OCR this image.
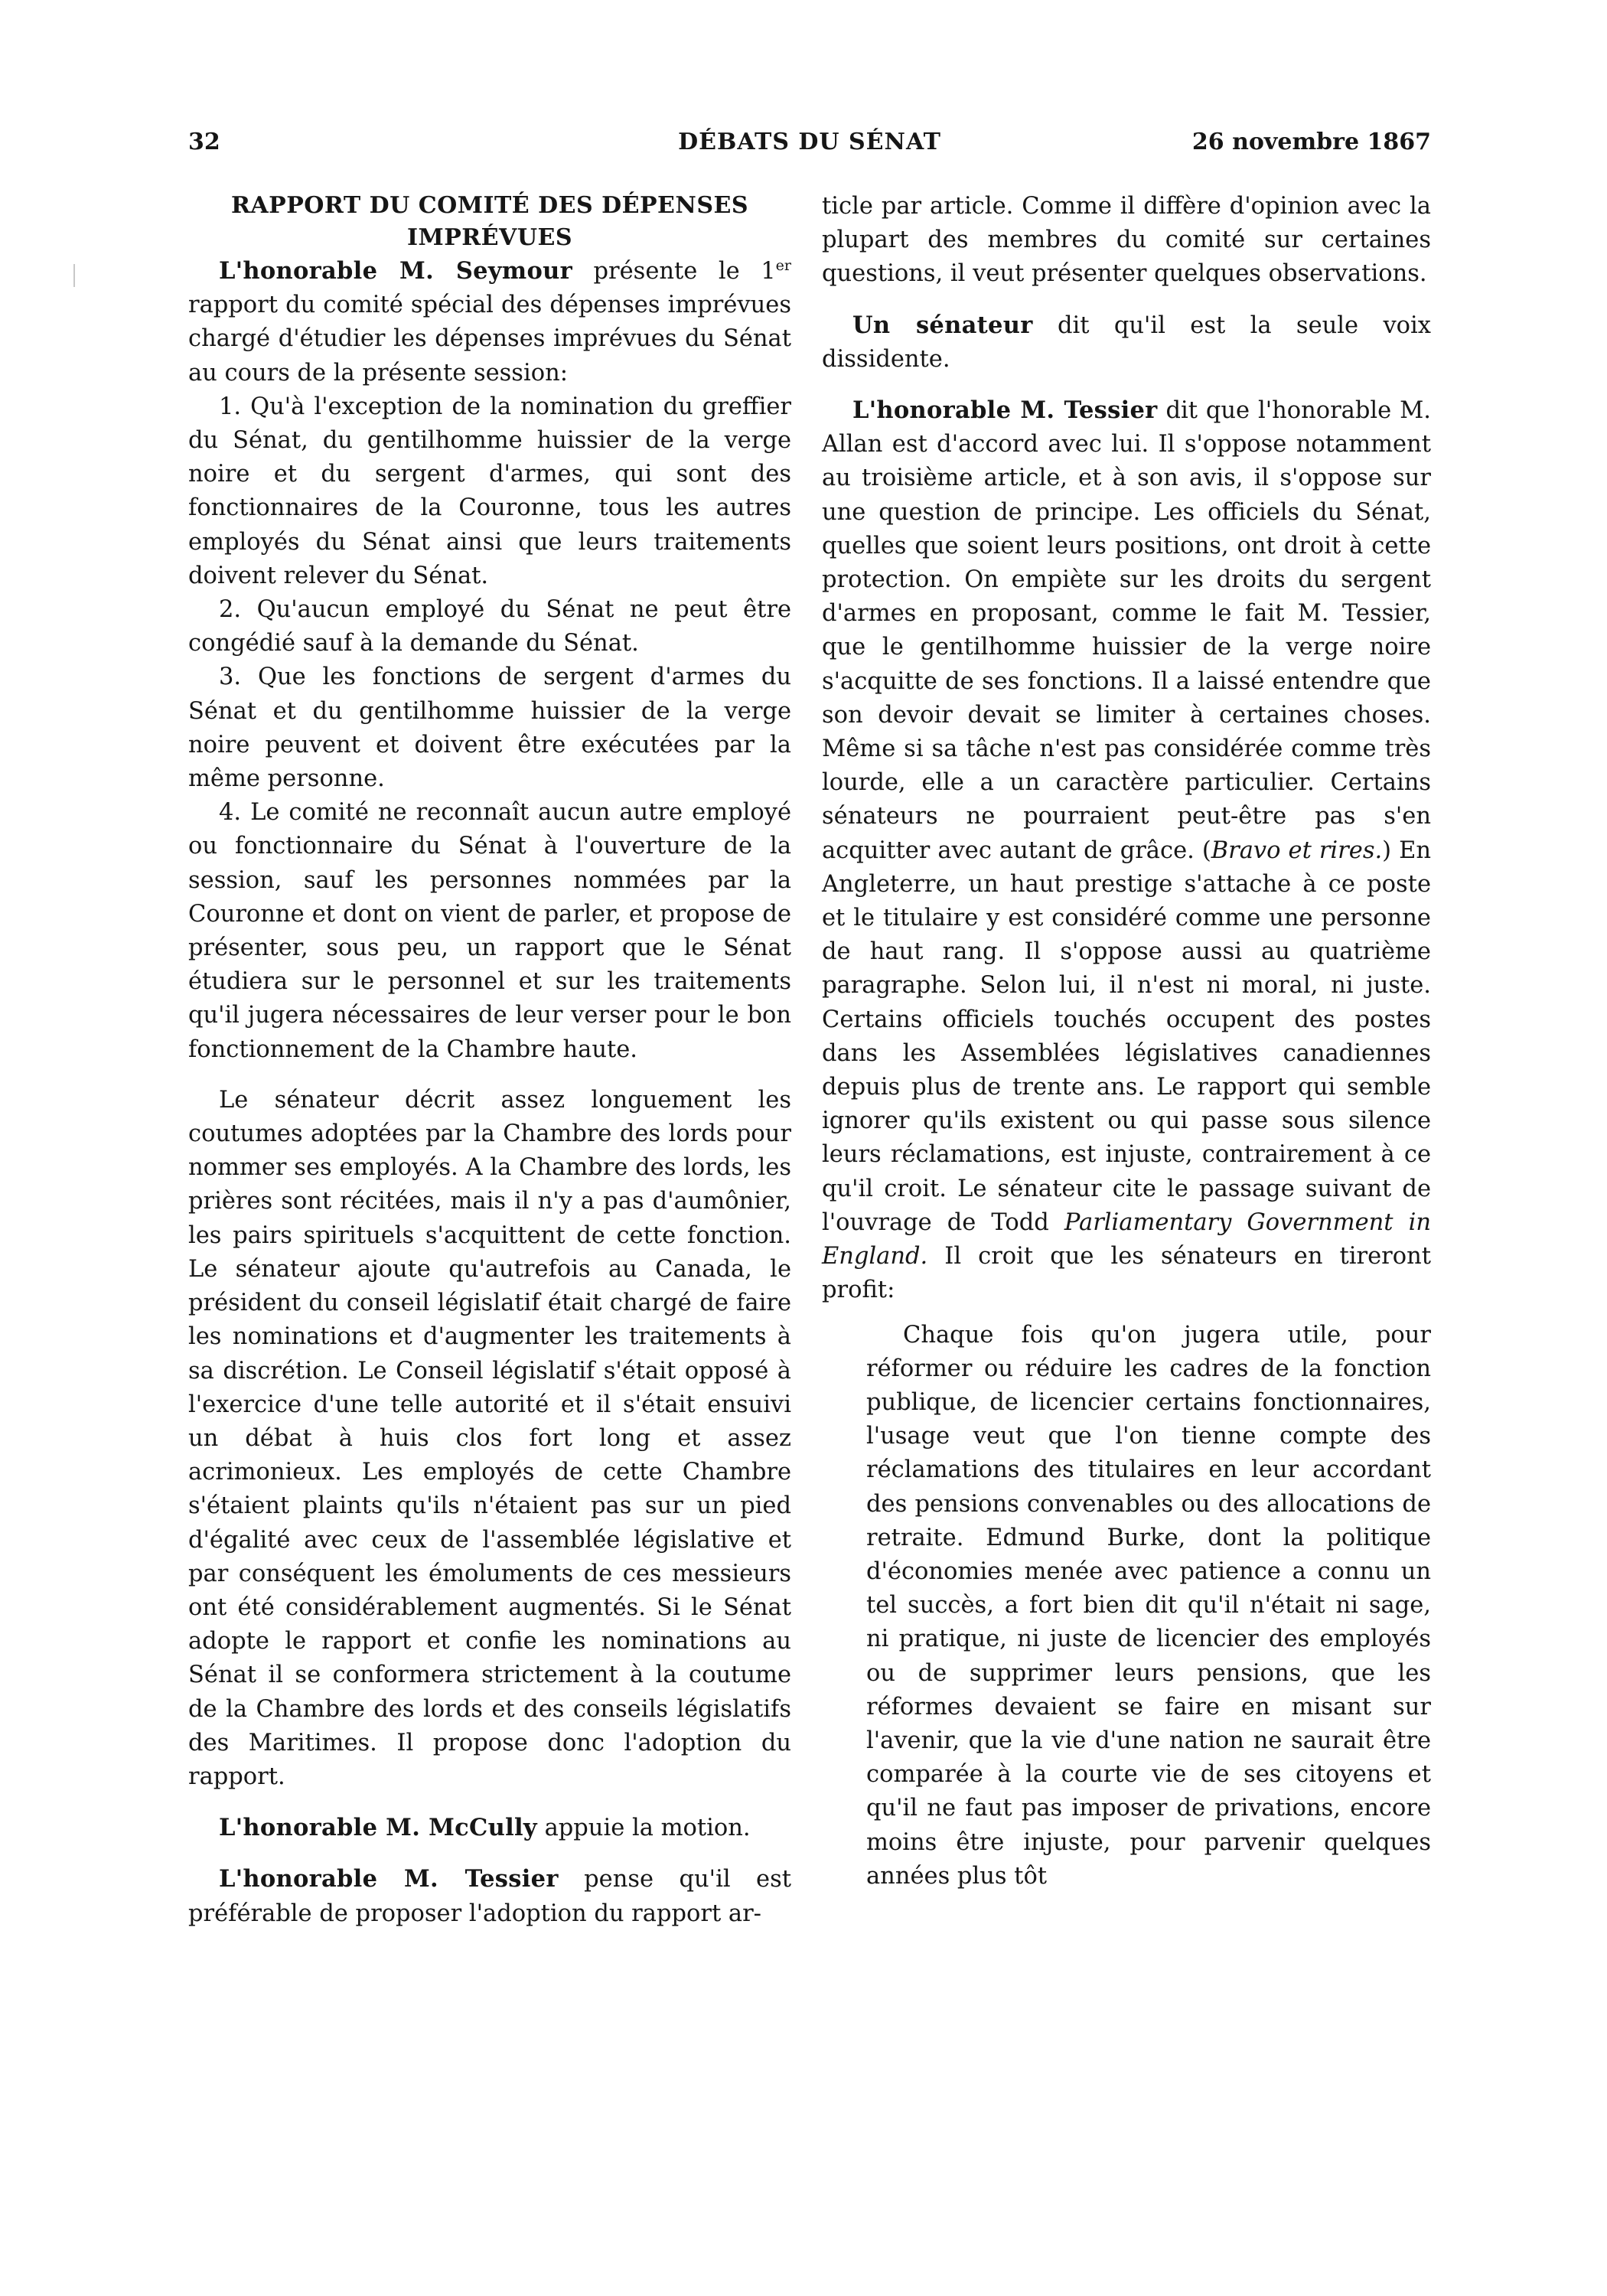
32	DÉBATS DU SÉNAT	26 novembre 1867

RAPPORT DU COMITÉ DES DÉPENSES IMPRÉVUES

L'honorable M. Seymour présente le 1er rapport du comité spécial des dépenses imprévues chargé d'étudier les dépenses imprévues du Sénat au cours de la présente session:

1. Qu'à l'exception de la nomination du greffier du Sénat, du gentilhomme huissier de la verge noire et du sergent d'armes, qui sont des fonctionnaires de la Couronne, tous les autres employés du Sénat ainsi que leurs traitements doivent relever du Sénat.

2. Qu'aucun employé du Sénat ne peut être congédié sauf à la demande du Sénat.

3. Que les fonctions de sergent d'armes du Sénat et du gentilhomme huissier de la verge noire peuvent et doivent être exécutées par la même personne.

4. Le comité ne reconnaît aucun autre employé ou fonctionnaire du Sénat à l'ouverture de la session, sauf les personnes nommées par la Couronne et dont on vient de parler, et propose de présenter, sous peu, un rapport que le Sénat étudiera sur le personnel et sur les traitements qu'il jugera nécessaires de leur verser pour le bon fonctionnement de la Chambre haute.

Le sénateur décrit assez longuement les coutumes adoptées par la Chambre des lords pour nommer ses employés. A la Chambre des lords, les prières sont récitées, mais il n'y a pas d'aumônier, les pairs spirituels s'acquittent de cette fonction. Le sénateur ajoute qu'autrefois au Canada, le président du conseil législatif était chargé de faire les nominations et d'augmenter les traitements à sa discrétion. Le Conseil législatif s'était opposé à l'exercice d'une telle autorité et il s'était ensuivi un débat à huis clos fort long et assez acrimonieux. Les employés de cette Chambre s'étaient plaints qu'ils n'étaient pas sur un pied d'égalité avec ceux de l'assemblée législative et par conséquent les émoluments de ces messieurs ont été considérablement augmentés. Si le Sénat adopte le rapport et confie les nominations au Sénat il se conformera strictement à la coutume de la Chambre des lords et des conseils législatifs des Maritimes. Il propose donc l'adoption du rapport.

L'honorable M. McCully appuie la motion.

L'honorable M. Tessier pense qu'il est préférable de proposer l'adoption du rapport ar-

ticle par article. Comme il diffère d'opinion avec la plupart des membres du comité sur certaines questions, il veut présenter quelques observations.

Un sénateur dit qu'il est la seule voix dissidente.

L'honorable M. Tessier dit que l'honorable M. Allan est d'accord avec lui. Il s'oppose notamment au troisième article, et à son avis, il s'oppose sur une question de principe. Les officiels du Sénat, quelles que soient leurs positions, ont droit à cette protection. On empiète sur les droits du sergent d'armes en proposant, comme le fait M. Tessier, que le gentilhomme huissier de la verge noire s'acquitte de ses fonctions. Il a laissé entendre que son devoir devait se limiter à certaines choses. Même si sa tâche n'est pas considérée comme très lourde, elle a un caractère particulier. Certains sénateurs ne pourraient peut-être pas s'en acquitter avec autant de grâce. (Bravo et rires.) En Angleterre, un haut prestige s'attache à ce poste et le titulaire y est considéré comme une personne de haut rang. Il s'oppose aussi au quatrième paragraphe. Selon lui, il n'est ni moral, ni juste. Certains officiels touchés occupent des postes dans les Assemblées législatives canadiennes depuis plus de trente ans. Le rapport qui semble ignorer qu'ils existent ou qui passe sous silence leurs réclamations, est injuste, contrairement à ce qu'il croit. Le sénateur cite le passage suivant de l'ouvrage de Todd Parliamentary Government in England. Il croit que les sénateurs en tireront profit:

Chaque fois qu'on jugera utile, pour réformer ou réduire les cadres de la fonction publique, de licencier certains fonctionnaires, l'usage veut que l'on tienne compte des réclamations des titulaires en leur accordant des pensions convenables ou des allocations de retraite. Edmund Burke, dont la politique d'économies menée avec patience a connu un tel succès, a fort bien dit qu'il n'était ni sage, ni pratique, ni juste de licencier des employés ou de supprimer leurs pensions, que les réformes devaient se faire en misant sur l'avenir, que la vie d'une nation ne saurait être comparée à la courte vie de ses citoyens et qu'il ne faut pas imposer de privations, encore moins être injuste, pour parvenir quelques années plus tôt
